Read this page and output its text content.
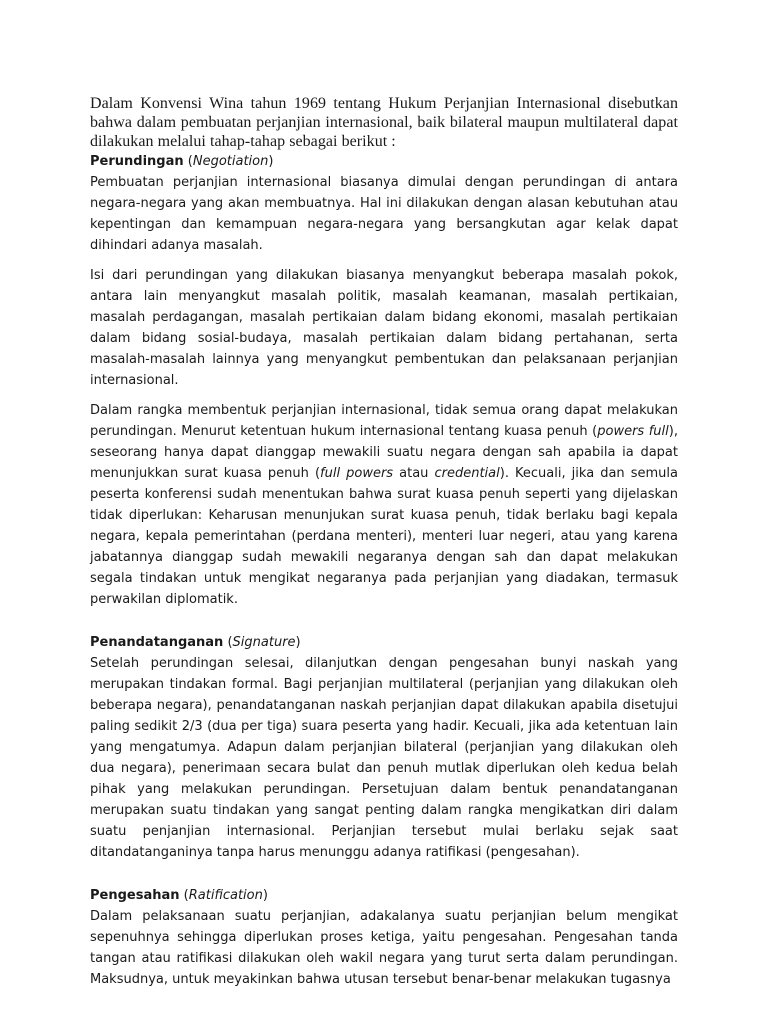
Dalam Konvensi Wina tahun 1969 tentang Hukum Perjanjian Internasional disebutkan bahwa dalam pembuatan perjanjian internasional, baik bilateral maupun multilateral dapat dilakukan melalui tahap-tahap sebagai berikut :

Perundingan (Negotiation)

Pembuatan perjanjian internasional biasanya dimulai dengan perundingan di antara negara-negara yang akan membuatnya. Hal ini dilakukan dengan alasan kebutuhan atau kepentingan dan kemampuan negara-negara yang bersangkutan agar kelak dapat dihindari adanya masalah.

Isi dari perundingan yang dilakukan biasanya menyangkut beberapa masalah pokok, antara lain menyangkut masalah politik, masalah keamanan, masalah pertikaian, masalah perdagangan, masalah pertikaian dalam bidang ekonomi, masalah pertikaian dalam bidang sosial-budaya, masalah pertikaian dalam bidang pertahanan, serta masalah-masalah lainnya yang menyangkut pembentukan dan pelaksanaan perjanjian internasional.

Dalam rangka membentuk perjanjian internasional, tidak semua orang dapat melakukan perundingan. Menurut ketentuan hukum internasional tentang kuasa penuh (powers full), seseorang hanya dapat dianggap mewakili suatu negara dengan sah apabila ia dapat menunjukkan surat kuasa penuh (full powers atau credential). Kecuali, jika dan semula peserta konferensi sudah menentukan bahwa surat kuasa penuh seperti yang dijelaskan tidak diperlukan: Keharusan menunjukan surat kuasa penuh, tidak berlaku bagi kepala negara, kepala pemerintahan (perdana menteri), menteri luar negeri, atau yang karena jabatannya dianggap sudah mewakili negaranya dengan sah dan dapat melakukan segala tindakan untuk mengikat negaranya pada perjanjian yang diadakan, termasuk perwakilan diplomatik.

Penandatanganan (Signature)

Setelah perundingan selesai, dilanjutkan dengan pengesahan bunyi naskah yang merupakan tindakan formal. Bagi perjanjian multilateral (perjanjian yang dilakukan oleh beberapa negara), penandatanganan naskah perjanjian dapat dilakukan apabila disetujui paling sedikit 2/3 (dua per tiga) suara peserta yang hadir. Kecuali, jika ada ketentuan lain yang mengatumya. Adapun dalam perjanjian bilateral (perjanjian yang dilakukan oleh dua negara), penerimaan secara bulat dan penuh mutlak diperlukan oleh kedua belah pihak yang melakukan perundingan. Persetujuan dalam bentuk penandatanganan merupakan suatu tindakan yang sangat penting dalam rangka mengikatkan diri dalam suatu penjanjian internasional. Perjanjian tersebut mulai berlaku sejak saat ditandatanganinya tanpa harus menunggu adanya ratifikasi (pengesahan).

Pengesahan (Ratification)

Dalam pelaksanaan suatu perjanjian, adakalanya suatu perjanjian belum mengikat sepenuhnya sehingga diperlukan proses ketiga, yaitu pengesahan. Pengesahan tanda tangan atau ratifikasi dilakukan oleh wakil negara yang turut serta dalam perundingan. Maksudnya, untuk meyakinkan bahwa utusan tersebut benar-benar melakukan tugasnya
